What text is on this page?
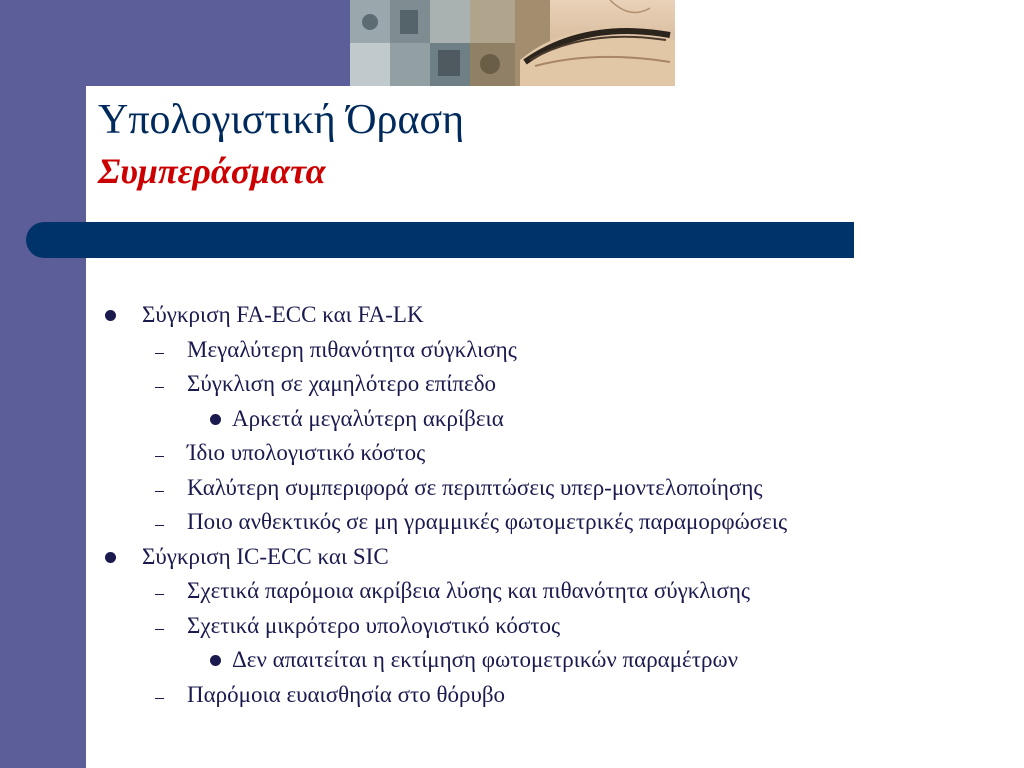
Υπολογιστική Όραση
Συμπεράσματα
Σύγκριση FA-ECC και FA-LK
Μεγαλύτερη πιθανότητα σύγκλισης
Σύγκλιση σε χαμηλότερο επίπεδο
Αρκετά μεγαλύτερη ακρίβεια
Ίδιο υπολογιστικό κόστος
Καλύτερη συμπεριφορά σε περιπτώσεις υπερ-μοντελοποίησης
Ποιο ανθεκτικός σε μη γραμμικές φωτομετρικές παραμορφώσεις
Σύγκριση IC-ECC και SIC
Σχετικά παρόμοια ακρίβεια λύσης και πιθανότητα σύγκλισης
Σχετικά μικρότερο υπολογιστικό κόστος
Δεν απαιτείται η εκτίμηση φωτομετρικών παραμέτρων
Παρόμοια ευαισθησία στο θόρυβο
